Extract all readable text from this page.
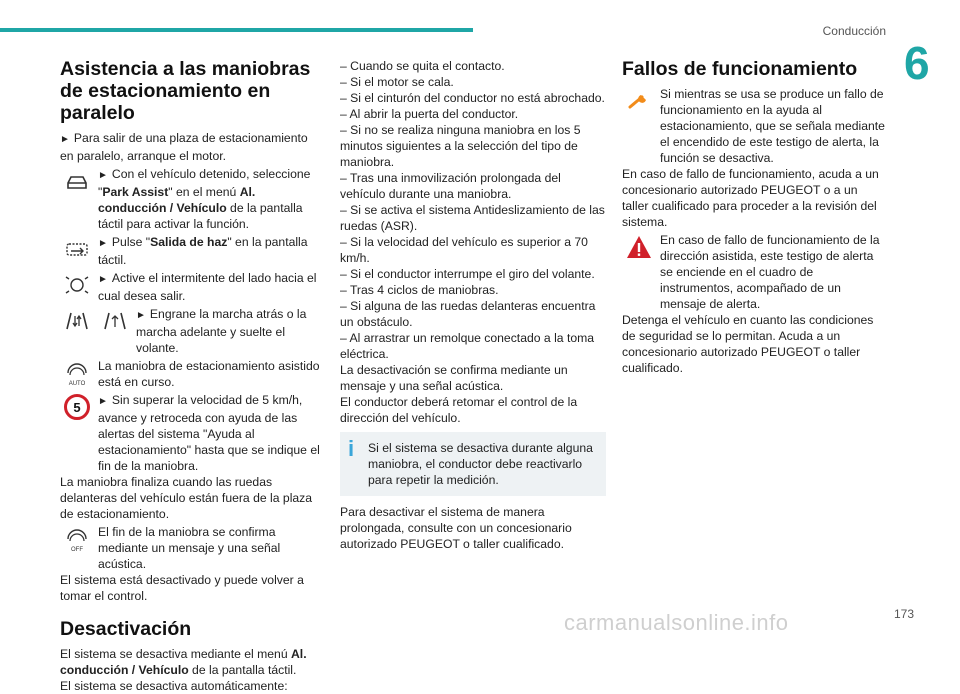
Conducción
6
Asistencia a las maniobras de estacionamiento en paralelo
► Para salir de una plaza de estacionamiento en paralelo, arranque el motor.
► Con el vehículo detenido, seleccione "Park Assist" en el menú Al. conducción / Vehículo de la pantalla táctil para activar la función.
► Pulse "Salida de haz" en la pantalla táctil.
► Active el intermitente del lado hacia el cual desea salir.
► Engrane la marcha atrás o la marcha adelante y suelte el volante.
AUTO
La maniobra de estacionamiento asistido está en curso.
5 ► Sin superar la velocidad de 5 km/h, avance y retroceda con ayuda de las alertas del sistema "Ayuda al estacionamiento" hasta que se indique el fin de la maniobra.
La maniobra finaliza cuando las ruedas delanteras del vehículo están fuera de la plaza de estacionamiento.
OFF
El fin de la maniobra se confirma mediante un mensaje y una señal acústica.
El sistema está desactivado y puede volver a tomar el control.
Desactivación
El sistema se desactiva mediante el menú Al. conducción / Vehículo de la pantalla táctil.
El sistema se desactiva automáticamente:
– Cuando se quita el contacto.
– Si el motor se cala.
– Si el cinturón del conductor no está abrochado.
– Al abrir la puerta del conductor.
– Si no se realiza ninguna maniobra en los 5 minutos siguientes a la selección del tipo de maniobra.
– Tras una inmovilización prolongada del vehículo durante una maniobra.
– Si se activa el sistema Antideslizamiento de las ruedas (ASR).
– Si la velocidad del vehículo es superior a 70 km/h.
– Si el conductor interrumpe el giro del volante.
– Tras 4 ciclos de maniobras.
– Si alguna de las ruedas delanteras encuentra un obstáculo.
– Al arrastrar un remolque conectado a la toma eléctrica.
La desactivación se confirma mediante un mensaje y una señal acústica.
El conductor deberá retomar el control de la dirección del vehículo.
i	Si el sistema se desactiva durante alguna maniobra, el conductor debe reactivarlo para repetir la medición.
Para desactivar el sistema de manera prolongada, consulte con un concesionario autorizado PEUGEOT o taller cualificado.
Fallos de funcionamiento
Si mientras se usa se produce un fallo de funcionamiento en la ayuda al estacionamiento, que se señala mediante el encendido de este testigo de alerta, la función se desactiva.
En caso de fallo de funcionamiento, acuda a un concesionario autorizado PEUGEOT o a un taller cualificado para proceder a la revisión del sistema.
En caso de fallo de funcionamiento de la dirección asistida, este testigo de alerta se enciende en el cuadro de instrumentos, acompañado de un mensaje de alerta.
Detenga el vehículo en cuanto las condiciones de seguridad se lo permitan. Acuda a un concesionario autorizado PEUGEOT o taller cualificado.
173
carmanualsonline.info
